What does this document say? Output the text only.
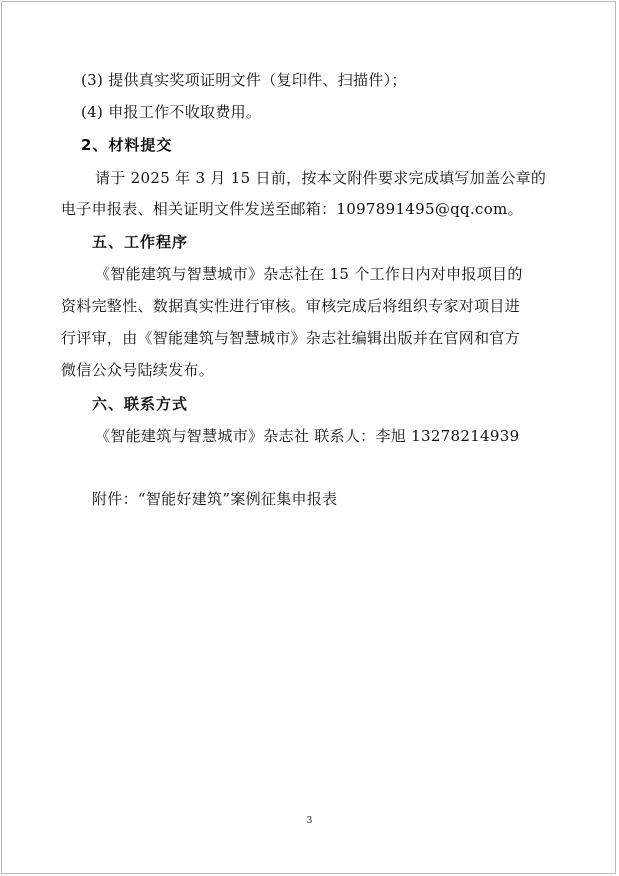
(3) 提供真实奖项证明文件（复印件、扫描件）；
(4) 申报工作不收取费用。
2、材料提交
请于 2025 年 3 月 15 日前，按本文附件要求完成填写加盖公章的
电子申报表、相关证明文件发送至邮箱：1097891495@qq.com。
五、工作程序
《智能建筑与智慧城市》杂志社在 15 个工作日内对申报项目的
资料完整性、数据真实性进行审核。审核完成后将组织专家对项目进
行评审，由《智能建筑与智慧城市》杂志社编辑出版并在官网和官方
微信公众号陆续发布。
六、联系方式
《智能建筑与智慧城市》杂志社 联系人：李旭 13278214939
附件：“智能好建筑”案例征集申报表
3
